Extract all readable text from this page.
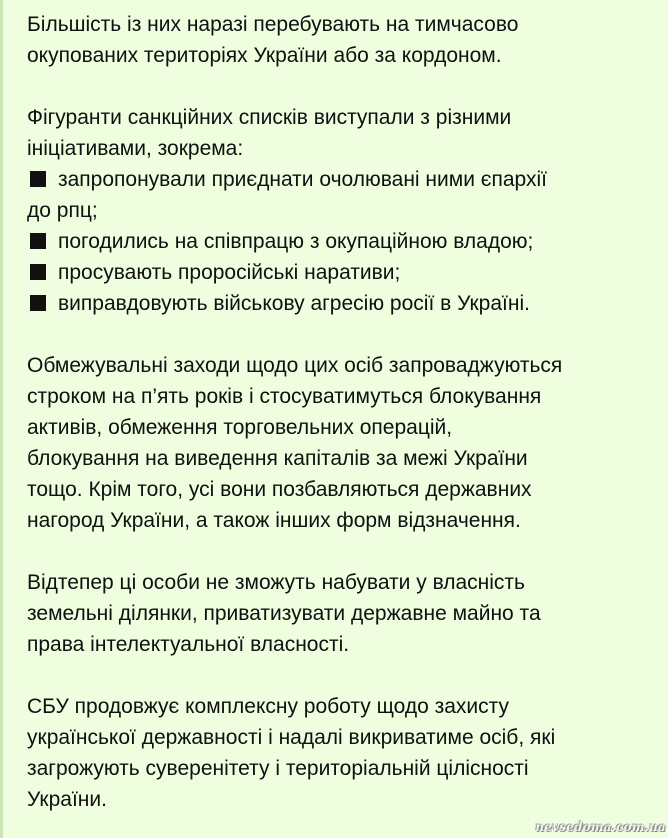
Більшість із них наразі перебувають на тимчасово
окупованих територіях України або за кордоном.
Фігуранти санкційних списків виступали з різними
ініціативами, зокрема:
запропонували приєднати очолювані ними єпархії
до рпц;
погодились на співпрацю з окупаційною владою;
просувають проросійські наративи;
виправдовують військову агресію росії в Україні.
Обмежувальні заходи щодо цих осіб запроваджуються
строком на п’ять років і стосуватимуться блокування
активів, обмеження торговельних операцій,
блокування на виведення капіталів за межі України
тощо. Крім того, усі вони позбавляються державних
нагород України, а також інших форм відзначення.
Відтепер ці особи не зможуть набувати у власність
земельні ділянки, приватизувати державне майно та
права інтелектуальної власності.
СБУ продовжує комплексну роботу щодо захисту
української державності і надалі викриватиме осіб, які
загрожують суверенітету і територіальній цілісності
України.
nevsedoma.com.ua
